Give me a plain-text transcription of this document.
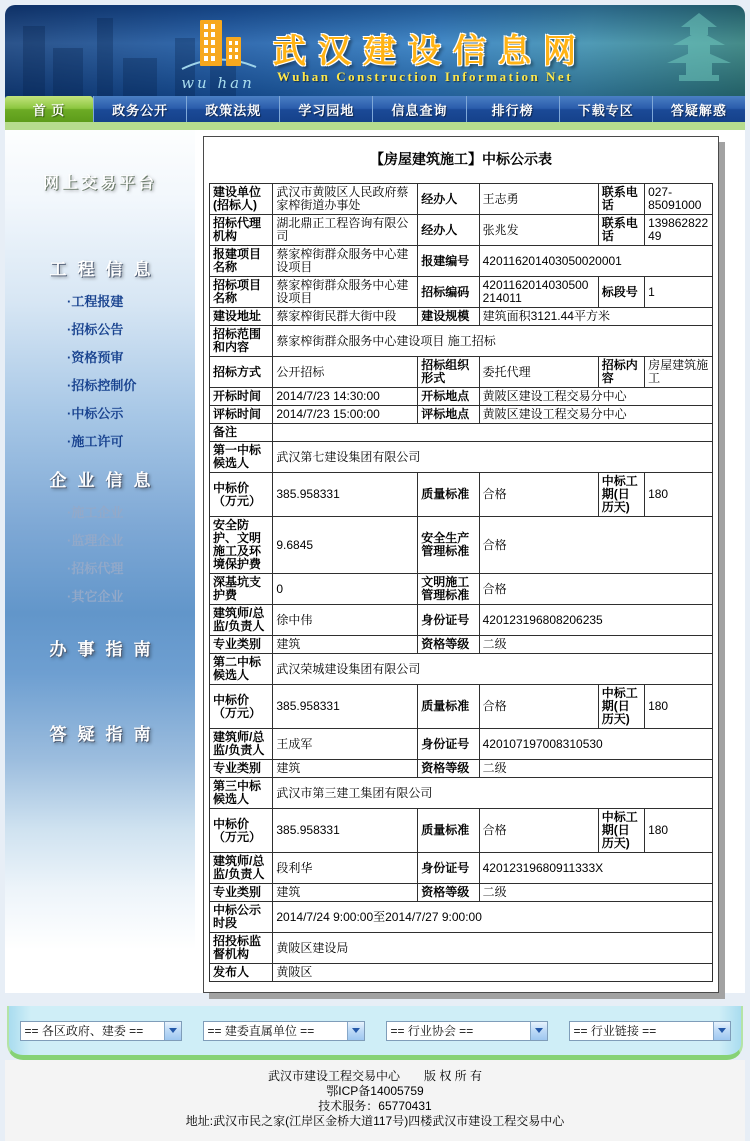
wu han
武汉建设信息网
Wuhan Construction Information Net
首 页	政务公开	政策法规	学习园地	信息查询	排行榜	下载专区	答疑解惑
网上交易平台
工程信息
·工程报建
·招标公告
·资格预审
·招标控制价
·中标公示
·施工许可
企业信息
·施工企业
·监理企业
·招标代理
·其它企业
办事指南
答疑指南
【房屋建筑施工】中标公示表
建设单位(招标人)	武汉市黄陂区人民政府蔡家榨街道办事处	经办人	王志勇	联系电话	027-85091000
招标代理机构	湖北鼎正工程咨询有限公司	经办人	张兆发	联系电话	13986282249
报建项目名称	蔡家榨街群众服务中心建设项目	报建编号	420116201403050020001		
招标项目名称	蔡家榨街群众服务中心建设项目	招标编码	4201162014030500214011	标段号	1
建设地址	蔡家榨街民群大街中段	建设规模	建筑面积3121.44平方米		
招标范围和内容	蔡家榨街群众服务中心建设项目 施工招标				
招标方式	公开招标	招标组织形式	委托代理	招标内容	房屋建筑施工
开标时间	2014/7/23 14:30:00	开标地点	黄陂区建设工程交易分中心		
评标时间	2014/7/23 15:00:00	评标地点	黄陂区建设工程交易分中心		
备注					
第一中标候选人	武汉第七建设集团有限公司				
中标价（万元）	385.958331	质量标准	合格	中标工期(日历天)	180
安全防护、文明施工及环境保护费	9.6845	安全生产管理标准	合格		
深基坑支护费	0	文明施工管理标准	合格		
建筑师/总监/负责人	徐中伟	身份证号	420123196808206235		
专业类别	建筑	资格等级	二级		
第二中标候选人	武汉荣城建设集团有限公司				
中标价（万元）	385.958331	质量标准	合格	中标工期(日历天)	180
建筑师/总监/负责人	王成军	身份证号	420107197008310530		
专业类别	建筑	资格等级	二级		
第三中标候选人	武汉市第三建工集团有限公司				
中标价（万元）	385.958331	质量标准	合格	中标工期(日历天)	180
建筑师/总监/负责人	段利华	身份证号	42012319680911333X		
专业类别	建筑	资格等级	二级		
中标公示时段	2014/7/24 9:00:00至2014/7/27 9:00:00				
招投标监督机构	黄陂区建设局				
发布人	黄陂区				
== 各区政府、建委 ==	== 建委直属单位 ==	== 行业协会 ==	== 行业链接 ==
武汉市建设工程交易中心　　版 权 所 有
鄂ICP备14005759
技术服务：65770431
地址:武汉市民之家(江岸区金桥大道117号)四楼武汉市建设工程交易中心
